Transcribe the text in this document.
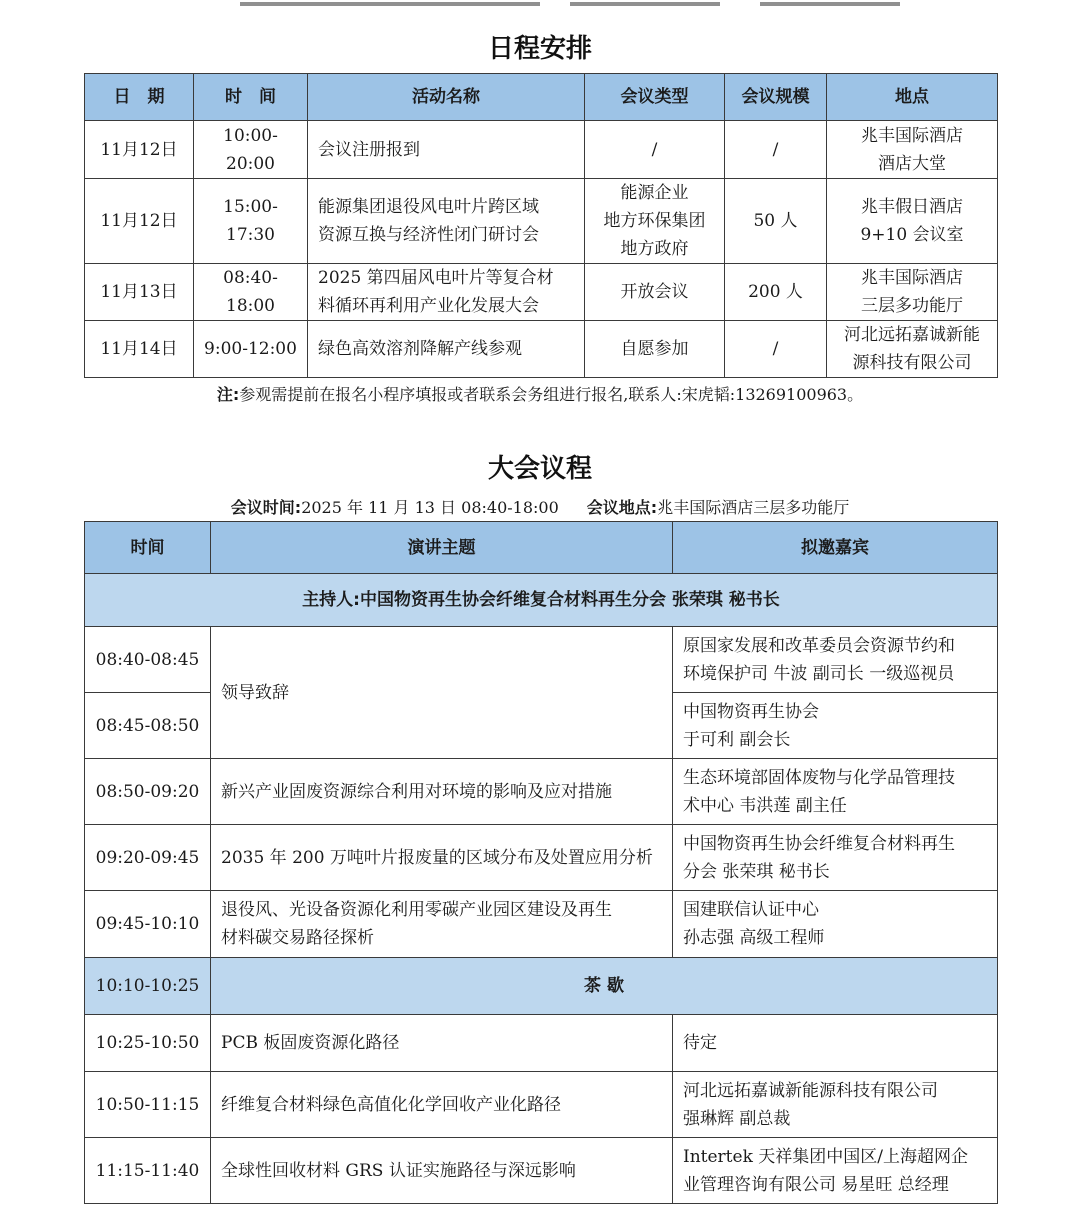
日程安排
日　期	时　间	活动名称	会议类型	会议规模	地点
11月12日	10:00-20:00	会议注册报到	/	/	兆丰国际酒店
酒店大堂

11月12日	15:00-17:30	能源集团退役风电叶片跨区域
资源互换与经济性闭门研讨会	能源企业
地方环保集团
地方政府	50 人	兆丰假日酒店
9+10 会议室

11月13日	08:40-18:00	2025 第四届风电叶片等复合材
料循环再利用产业化发展大会	开放会议	200 人	兆丰国际酒店
三层多功能厅

11月14日	9:00-12:00	绿色高效溶剂降解产线参观	自愿参加	/	河北远拓嘉诚新能
源科技有限公司
注:参观需提前在报名小程序填报或者联系会务组进行报名,联系人:宋虎韬:13269100963。
大会议程
会议时间:2025 年 11 月 13 日 08:40-18:00 会议地点:兆丰国际酒店三层多功能厅
时间	演讲主题	拟邀嘉宾
主持人:中国物资再生协会纤维复合材料再生分会 张荣琪 秘书长		
08:40-08:45	领导致辞	原国家发展和改革委员会资源节约和
环境保护司 牛波 副司长 一级巡视员

08:45-08:50		中国物资再生协会
于可利 副会长

08:50-09:20	新兴产业固废资源综合利用对环境的影响及应对措施	生态环境部固体废物与化学品管理技
术中心 韦洪莲 副主任

09:20-09:45	2035 年 200 万吨叶片报废量的区域分布及处置应用分析	中国物资再生协会纤维复合材料再生
分会 张荣琪 秘书长

09:45-10:10	退役风、光设备资源化利用零碳产业园区建设及再生
材料碳交易路径探析	国建联信认证中心
孙志强 高级工程师

10:10-10:25	茶 歇	
10:25-10:50	PCB 板固废资源化路径	待定
10:50-11:15	纤维复合材料绿色高值化化学回收产业化路径	河北远拓嘉诚新能源科技有限公司
强琳辉 副总裁

11:15-11:40	全球性回收材料 GRS 认证实施路径与深远影响	Intertek 天祥集团中国区/上海超网企
业管理咨询有限公司 易星旺 总经理
